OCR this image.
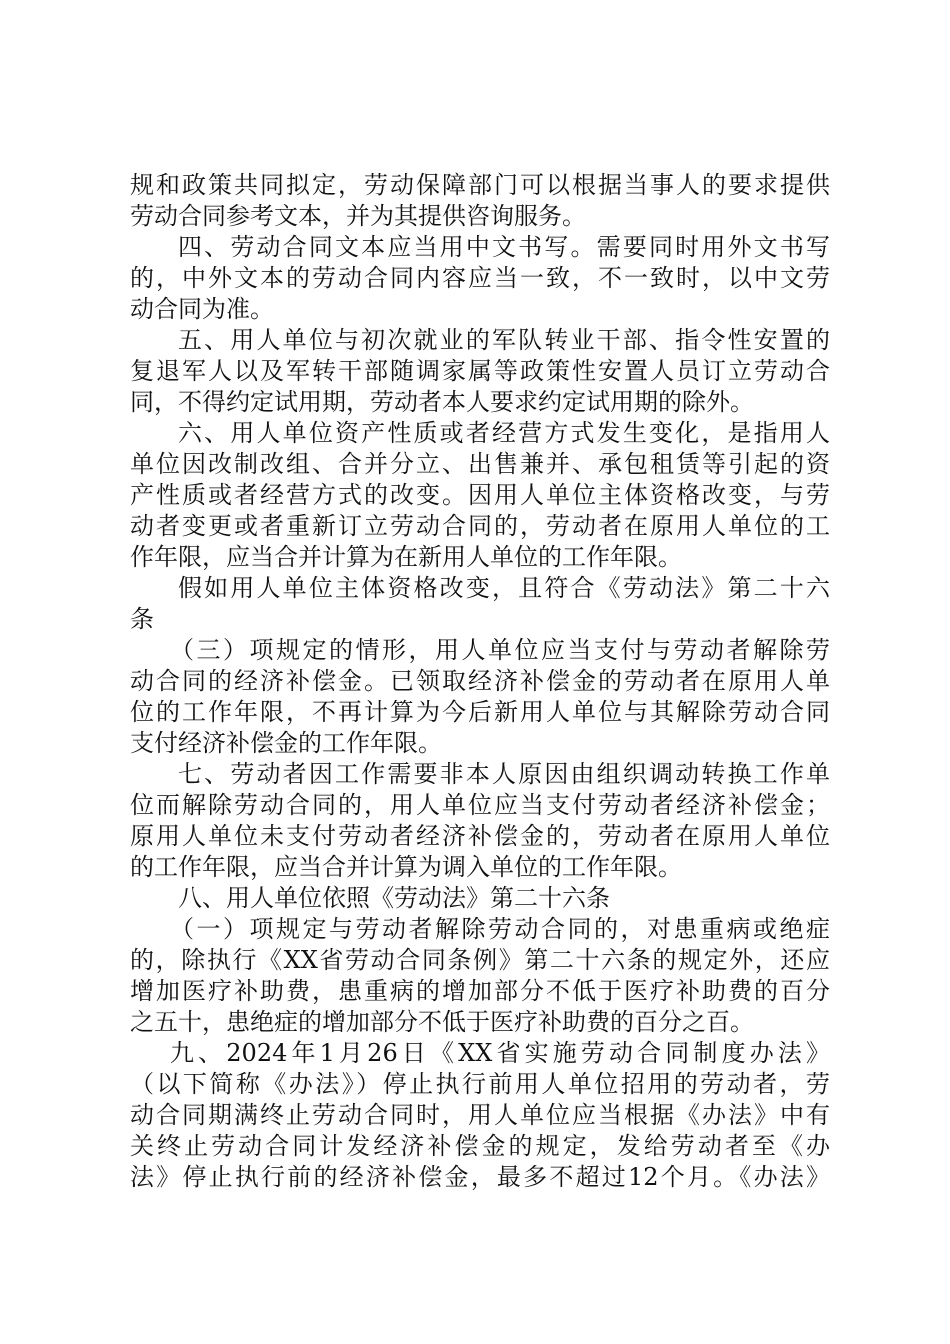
规和政策共同拟定，劳动保障部门可以根据当事人的要求提供
劳动合同参考文本，并为其提供咨询服务。
四、劳动合同文本应当用中文书写。需要同时用外文书写
的，中外文本的劳动合同内容应当一致，不一致时，以中文劳
动合同为准。
五、用人单位与初次就业的军队转业干部、指令性安置的
复退军人以及军转干部随调家属等政策性安置人员订立劳动合
同，不得约定试用期，劳动者本人要求约定试用期的除外。
六、用人单位资产性质或者经营方式发生变化，是指用人
单位因改制改组、合并分立、出售兼并、承包租赁等引起的资
产性质或者经营方式的改变。因用人单位主体资格改变，与劳
动者变更或者重新订立劳动合同的，劳动者在原用人单位的工
作年限，应当合并计算为在新用人单位的工作年限。
假如用人单位主体资格改变，且符合《劳动法》第二十六
条
（三）项规定的情形，用人单位应当支付与劳动者解除劳
动合同的经济补偿金。已领取经济补偿金的劳动者在原用人单
位的工作年限，不再计算为今后新用人单位与其解除劳动合同
支付经济补偿金的工作年限。
七、劳动者因工作需要非本人原因由组织调动转换工作单
位而解除劳动合同的，用人单位应当支付劳动者经济补偿金；
原用人单位未支付劳动者经济补偿金的，劳动者在原用人单位
的工作年限，应当合并计算为调入单位的工作年限。
八、用人单位依照《劳动法》第二十六条
（一）项规定与劳动者解除劳动合同的，对患重病或绝症
的，除执行《XX省劳动合同条例》第二十六条的规定外，还应
增加医疗补助费，患重病的增加部分不低于医疗补助费的百分
之五十，患绝症的增加部分不低于医疗补助费的百分之百。
九、2024年1月26日《XX省实施劳动合同制度办法》
（以下简称《办法》）停止执行前用人单位招用的劳动者，劳
动合同期满终止劳动合同时，用人单位应当根据《办法》中有
关终止劳动合同计发经济补偿金的规定，发给劳动者至《办
法》停止执行前的经济补偿金，最多不超过12个月。《办法》
